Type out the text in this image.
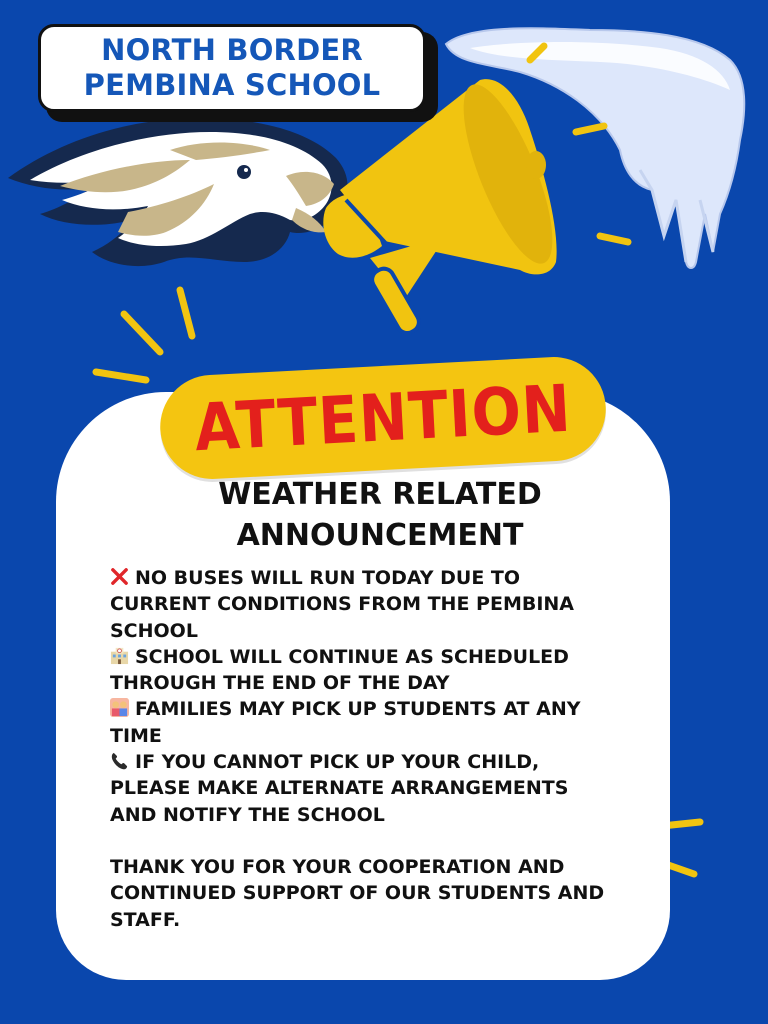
NORTH BORDER
PEMBINA SCHOOL
ATTENTION
WEATHER RELATED
ANNOUNCEMENT
NO BUSES WILL RUN TODAY DUE TO
CURRENT CONDITIONS FROM THE PEMBINA
SCHOOL
SCHOOL WILL CONTINUE AS SCHEDULED
THROUGH THE END OF THE DAY
FAMILIES MAY PICK UP STUDENTS AT ANY
TIME
IF YOU CANNOT PICK UP YOUR CHILD,
PLEASE MAKE ALTERNATE ARRANGEMENTS
AND NOTIFY THE SCHOOL
THANK YOU FOR YOUR COOPERATION AND
CONTINUED SUPPORT OF OUR STUDENTS AND
STAFF.
